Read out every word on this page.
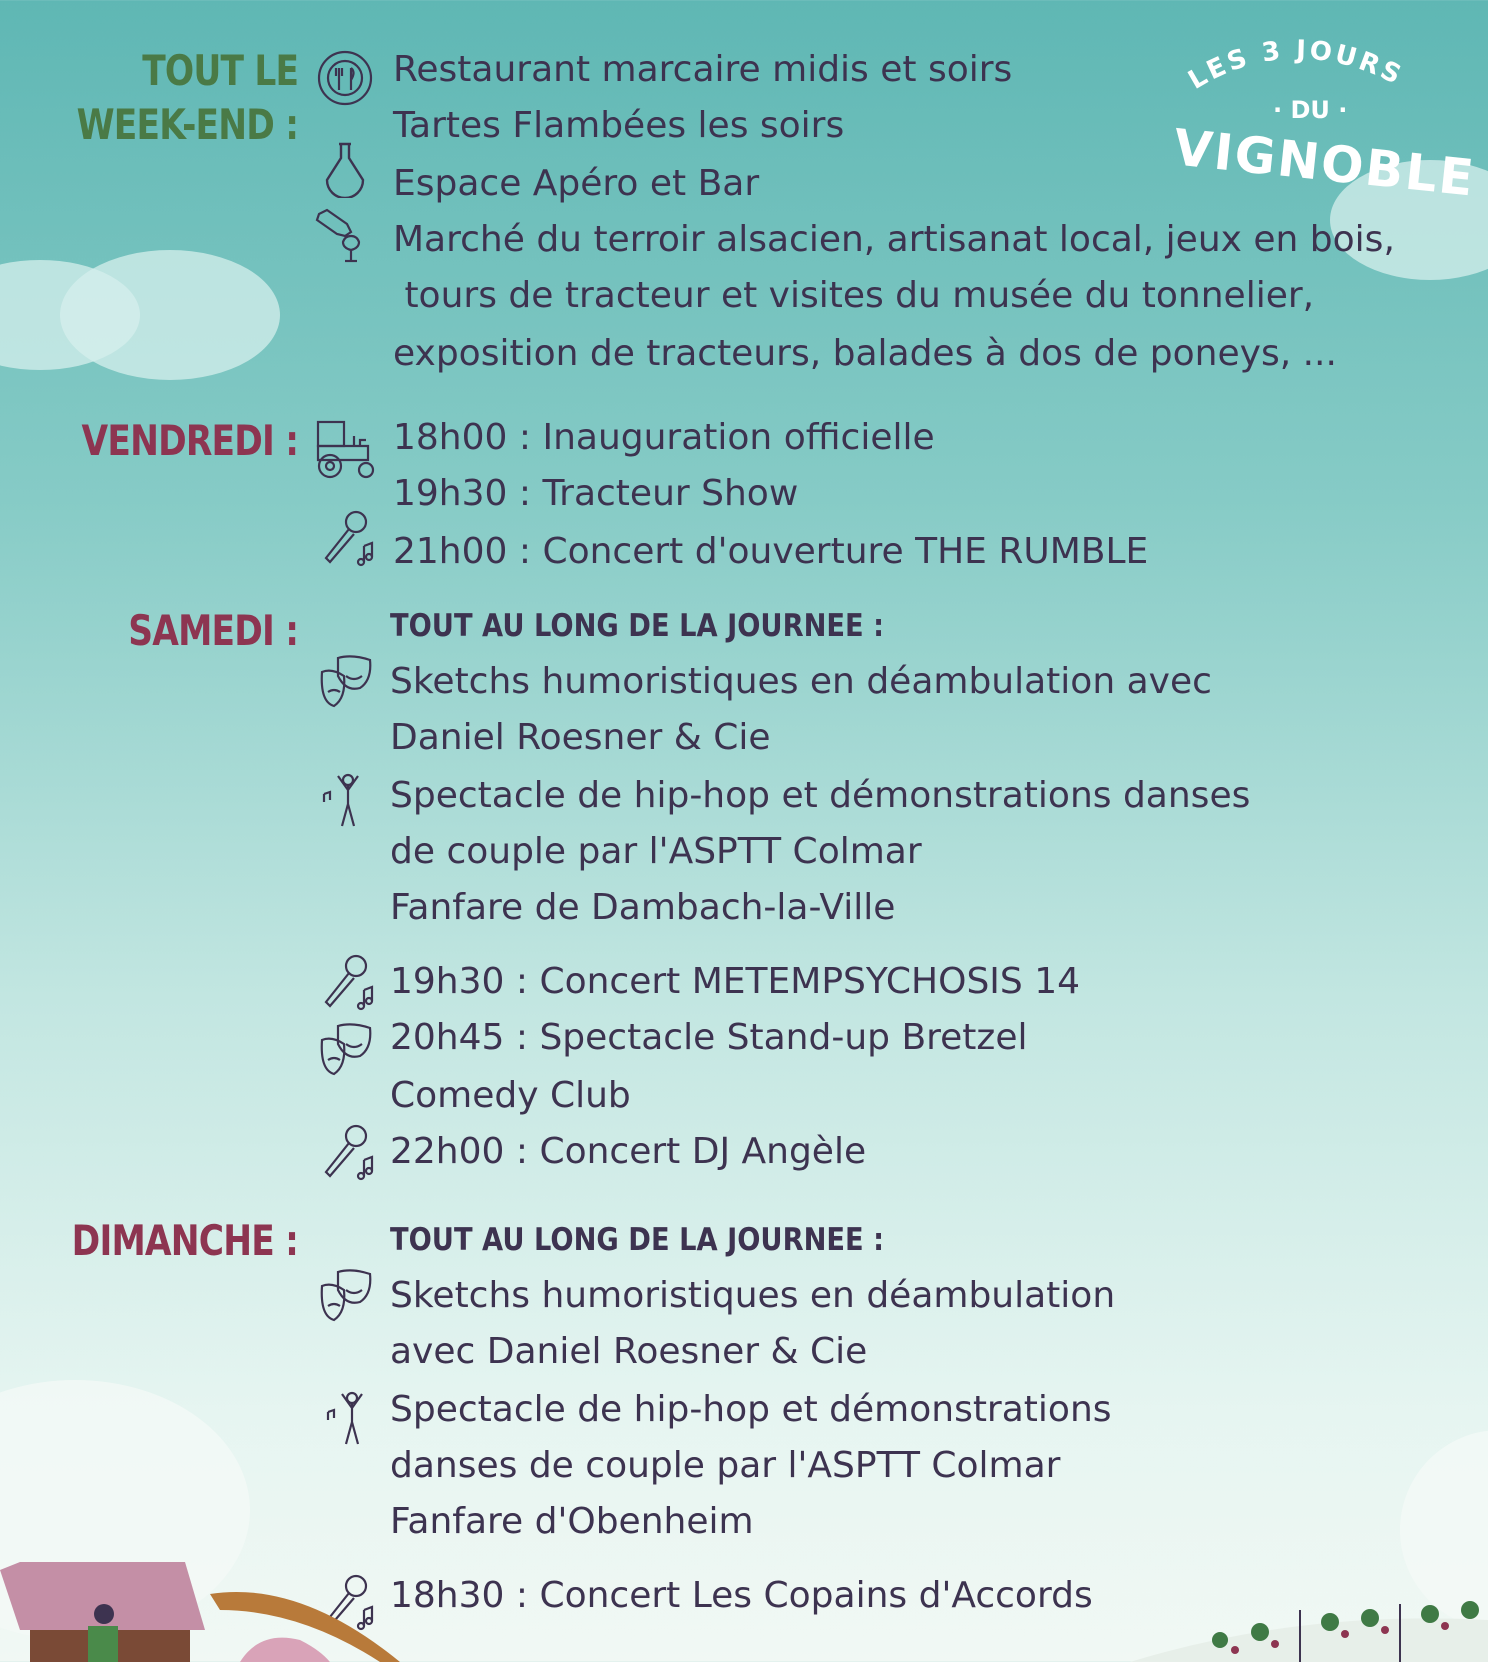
LES 3 JOURS
· DU ·
VIGNOBLE
TOUT LE
WEEK-END :
Restaurant marcaire midis et soirs
Tartes Flambées les soirs
Espace Apéro et Bar
Marché du terroir alsacien, artisanat local, jeux en bois,
tours de tracteur et visites du musée du tonnelier,
exposition de tracteurs, balades à dos de poneys, ...
VENDREDI :	18h00 : Inauguration officielle
19h30 : Tracteur Show
21h00 : Concert d'ouverture THE RUMBLE
SAMEDI :	TOUT AU LONG DE LA JOURNEE :
Sketchs humoristiques en déambulation avec
Daniel Roesner & Cie
Spectacle de hip-hop et démonstrations danses
de couple par l'ASPTT Colmar
Fanfare de Dambach-la-Ville
19h30 : Concert METEMPSYCHOSIS 14
20h45 : Spectacle Stand-up Bretzel
Comedy Club
22h00 : Concert DJ Angèle
DIMANCHE :	TOUT AU LONG DE LA JOURNEE :
Sketchs humoristiques en déambulation
avec Daniel Roesner & Cie
Spectacle de hip-hop et démonstrations
danses de couple par l'ASPTT Colmar
Fanfare d'Obenheim
18h30 : Concert Les Copains d'Accords
